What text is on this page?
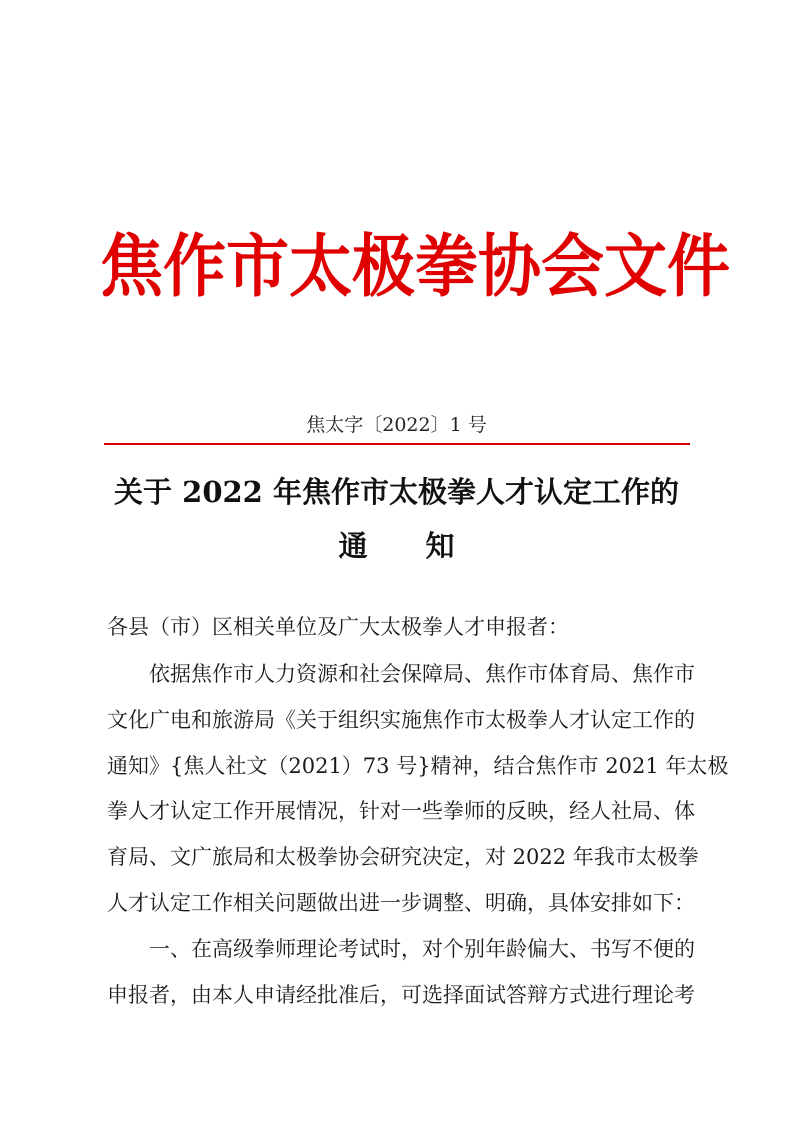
焦作市太极拳协会文件
焦太字〔2022〕1 号
关于 2022 年焦作市太极拳人才认定工作的
通 知
各县（市）区相关单位及广大太极拳人才申报者：
依据焦作市人力资源和社会保障局、焦作市体育局、焦作市
文化广电和旅游局《关于组织实施焦作市太极拳人才认定工作的
通知》{焦人社文（2021）73 号}精神，结合焦作市 2021 年太极
拳人才认定工作开展情况，针对一些拳师的反映，经人社局、体
育局、文广旅局和太极拳协会研究决定，对 2022 年我市太极拳
人才认定工作相关问题做出进一步调整、明确，具体安排如下：
一、在高级拳师理论考试时，对个别年龄偏大、书写不便的
申报者，由本人申请经批准后，可选择面试答辩方式进行理论考
